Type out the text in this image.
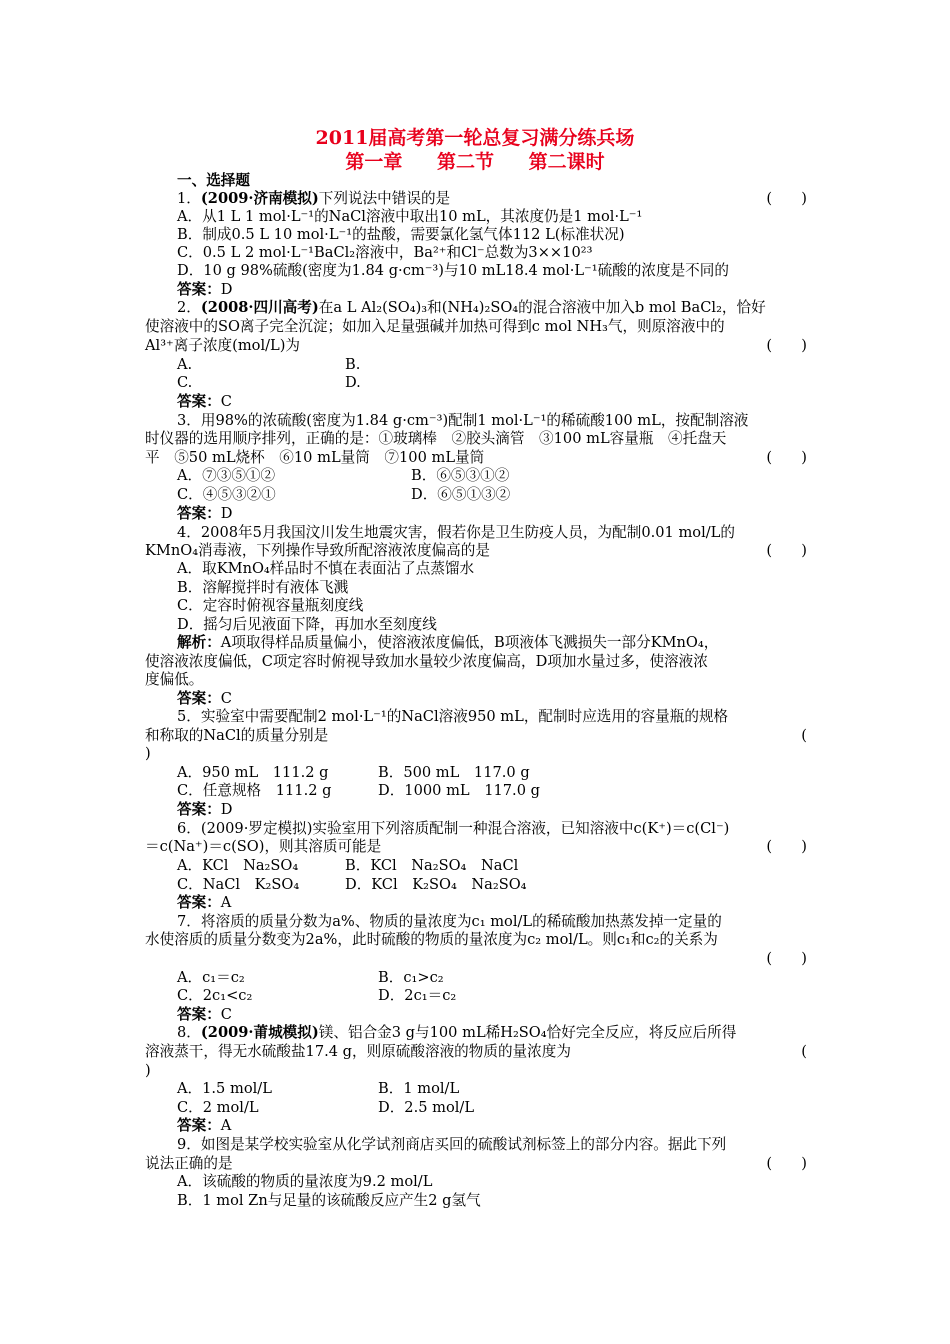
2011届高考第一轮总复习满分练兵场
第一章 第二节 第二课时
一、选择题
1．(2009·济南模拟)下列说法中错误的是	(　　)
A．从1 L 1 mol·L⁻¹的NaCl溶液中取出10 mL，其浓度仍是1 mol·L⁻¹
B．制成0.5 L 10 mol·L⁻¹的盐酸，需要氯化氢气体112 L(标准状况)
C．0.5 L 2 mol·L⁻¹BaCl₂溶液中，Ba²⁺和Cl⁻总数为3××10²³
D．10 g 98%硫酸(密度为1.84 g·cm⁻³)与10 mL18.4 mol·L⁻¹硫酸的浓度是不同的
答案：D
2．(2008·四川高考)在a L Al₂(SO₄)₃和(NH₄)₂SO₄的混合溶液中加入b mol BaCl₂，恰好
使溶液中的SO离子完全沉淀；如加入足量强碱并加热可得到c mol NH₃气，则原溶液中的
Al³⁺离子浓度(mol/L)为	(　　)
A.	B.
C.	D.
答案：C
3．用98%的浓硫酸(密度为1.84 g·cm⁻³)配制1 mol·L⁻¹的稀硫酸100 mL，按配制溶液
时仪器的选用顺序排列，正确的是：①玻璃棒　②胶头滴管　③100 mL容量瓶　④托盘天
平　⑤50 mL烧杯　⑥10 mL量筒　⑦100 mL量筒	(　　)
A．⑦③⑤①②	B．⑥⑤③①②
C．④⑤③②①	D．⑥⑤①③②
答案：D
4．2008年5月我国汶川发生地震灾害，假若你是卫生防疫人员，为配制0.01 mol/L的
KMnO₄消毒液，下列操作导致所配溶液浓度偏高的是	(　　)
A．取KMnO₄样品时不慎在表面沾了点蒸馏水
B．溶解搅拌时有液体飞溅
C．定容时俯视容量瓶刻度线
D．摇匀后见液面下降，再加水至刻度线
解析：A项取得样品质量偏小，使溶液浓度偏低，B项液体飞溅损失一部分KMnO₄，
使溶液浓度偏低，C项定容时俯视导致加水量较少浓度偏高，D项加水量过多，使溶液浓
度偏低。
答案：C
5．实验室中需要配制2 mol·L⁻¹的NaCl溶液950 mL，配制时应选用的容量瓶的规格
和称取的NaCl的质量分别是	(
)
A．950 mL　111.2 g	B．500 mL　117.0 g
C．任意规格　111.2 g	D．1000 mL　117.0 g
答案：D
6．(2009·罗定模拟)实验室用下列溶质配制一种混合溶液，已知溶液中c(K⁺)＝c(Cl⁻)
＝c(Na⁺)＝c(SO)，则其溶质可能是	(　　)
A．KCl　Na₂SO₄	B．KCl　Na₂SO₄　NaCl
C．NaCl　K₂SO₄	D．KCl　K₂SO₄　Na₂SO₄
答案：A
7．将溶质的质量分数为a%、物质的量浓度为c₁ mol/L的稀硫酸加热蒸发掉一定量的
水使溶质的质量分数变为2a%，此时硫酸的物质的量浓度为c₂ mol/L。则c₁和c₂的关系为
(　　)
A．c₁＝c₂	B．c₁>c₂
C．2c₁<c₂	D．2c₁＝c₂
答案：C
8．(2009·莆城模拟)镁、铝合金3 g与100 mL稀H₂SO₄恰好完全反应，将反应后所得
溶液蒸干，得无水硫酸盐17.4 g，则原硫酸溶液的物质的量浓度为	(
)
A．1.5 mol/L	B．1 mol/L
C．2 mol/L	D．2.5 mol/L
答案：A
9．如图是某学校实验室从化学试剂商店买回的硫酸试剂标签上的部分内容。据此下列
说法正确的是	(　　)
A．该硫酸的物质的量浓度为9.2 mol/L
B．1 mol Zn与足量的该硫酸反应产生2 g氢气
